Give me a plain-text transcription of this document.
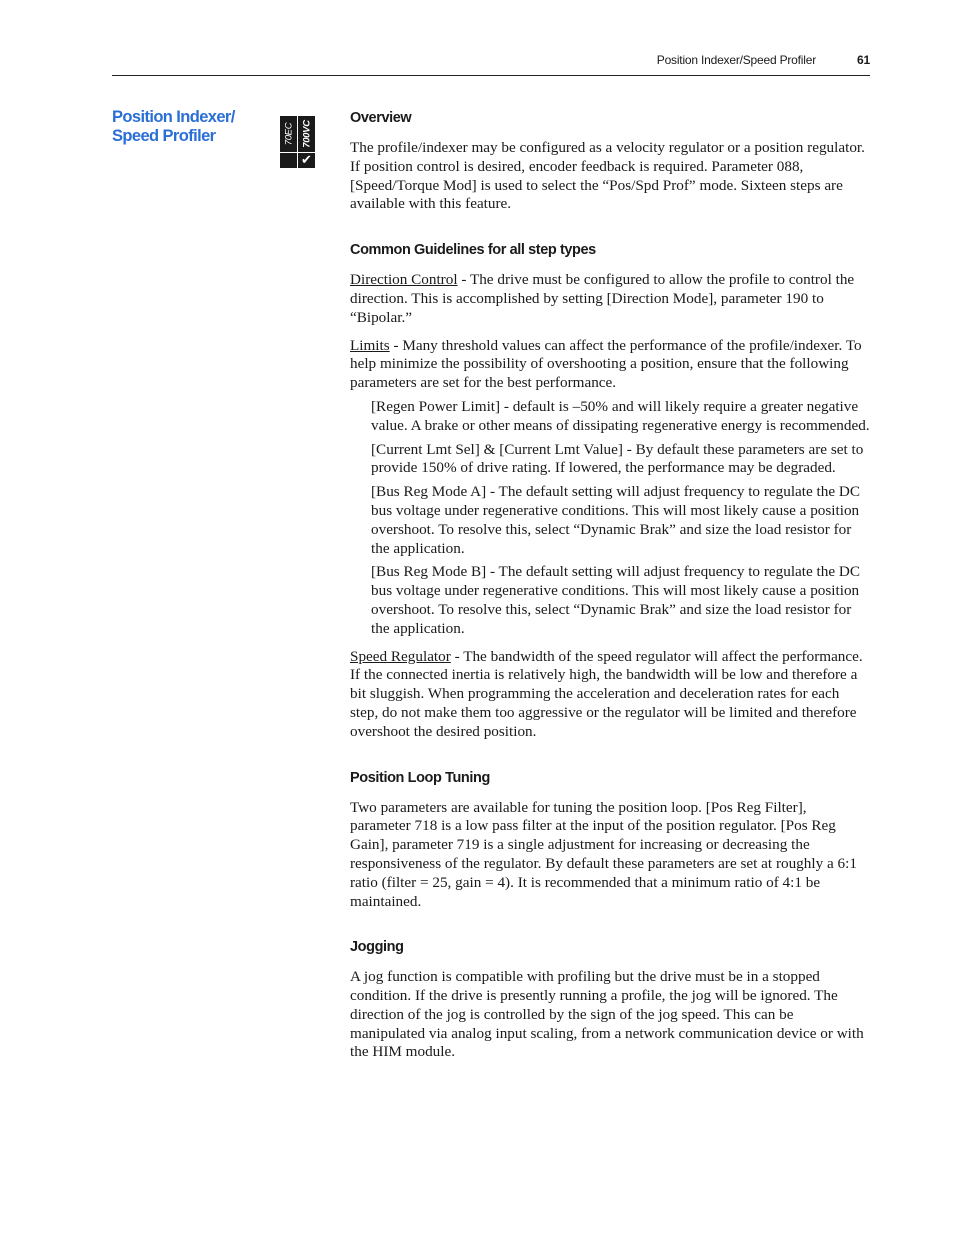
Position Indexer/Speed Profiler	61
Position Indexer/
Speed Profiler	70EC 700VC
✔
Overview

The profile/indexer may be configured as a velocity regulator or a position regulator. If position control is desired, encoder feedback is required. Parameter 088, [Speed/Torque Mod] is used to select the “Pos/Spd Prof” mode. Sixteen steps are available with this feature.

Common Guidelines for all step types

Direction Control - The drive must be configured to allow the profile to control the direction. This is accomplished by setting [Direction Mode], parameter 190 to “Bipolar.”

Limits - Many threshold values can affect the performance of the profile/indexer. To help minimize the possibility of overshooting a position, ensure that the following parameters are set for the best performance.

[Regen Power Limit] - default is –50% and will likely require a greater negative value. A brake or other means of dissipating regenerative energy is recommended.

[Current Lmt Sel] & [Current Lmt Value] - By default these parameters are set to provide 150% of drive rating. If lowered, the performance may be degraded.

[Bus Reg Mode A] - The default setting will adjust frequency to regulate the DC bus voltage under regenerative conditions. This will most likely cause a position overshoot. To resolve this, select “Dynamic Brak” and size the load resistor for the application.

[Bus Reg Mode B] - The default setting will adjust frequency to regulate the DC bus voltage under regenerative conditions. This will most likely cause a position overshoot. To resolve this, select “Dynamic Brak” and size the load resistor for the application.

Speed Regulator - The bandwidth of the speed regulator will affect the performance. If the connected inertia is relatively high, the bandwidth will be low and therefore a bit sluggish. When programming the acceleration and deceleration rates for each step, do not make them too aggressive or the regulator will be limited and therefore overshoot the desired position.

Position Loop Tuning

Two parameters are available for tuning the position loop. [Pos Reg Filter], parameter 718 is a low pass filter at the input of the position regulator. [Pos Reg Gain], parameter 719 is a single adjustment for increasing or decreasing the responsiveness of the regulator. By default these parameters are set at roughly a 6:1 ratio (filter = 25, gain = 4). It is recommended that a minimum ratio of 4:1 be maintained.

Jogging

A jog function is compatible with profiling but the drive must be in a stopped condition. If the drive is presently running a profile, the jog will be ignored. The direction of the jog is controlled by the sign of the jog speed. This can be manipulated via analog input scaling, from a network communication device or with the HIM module.
